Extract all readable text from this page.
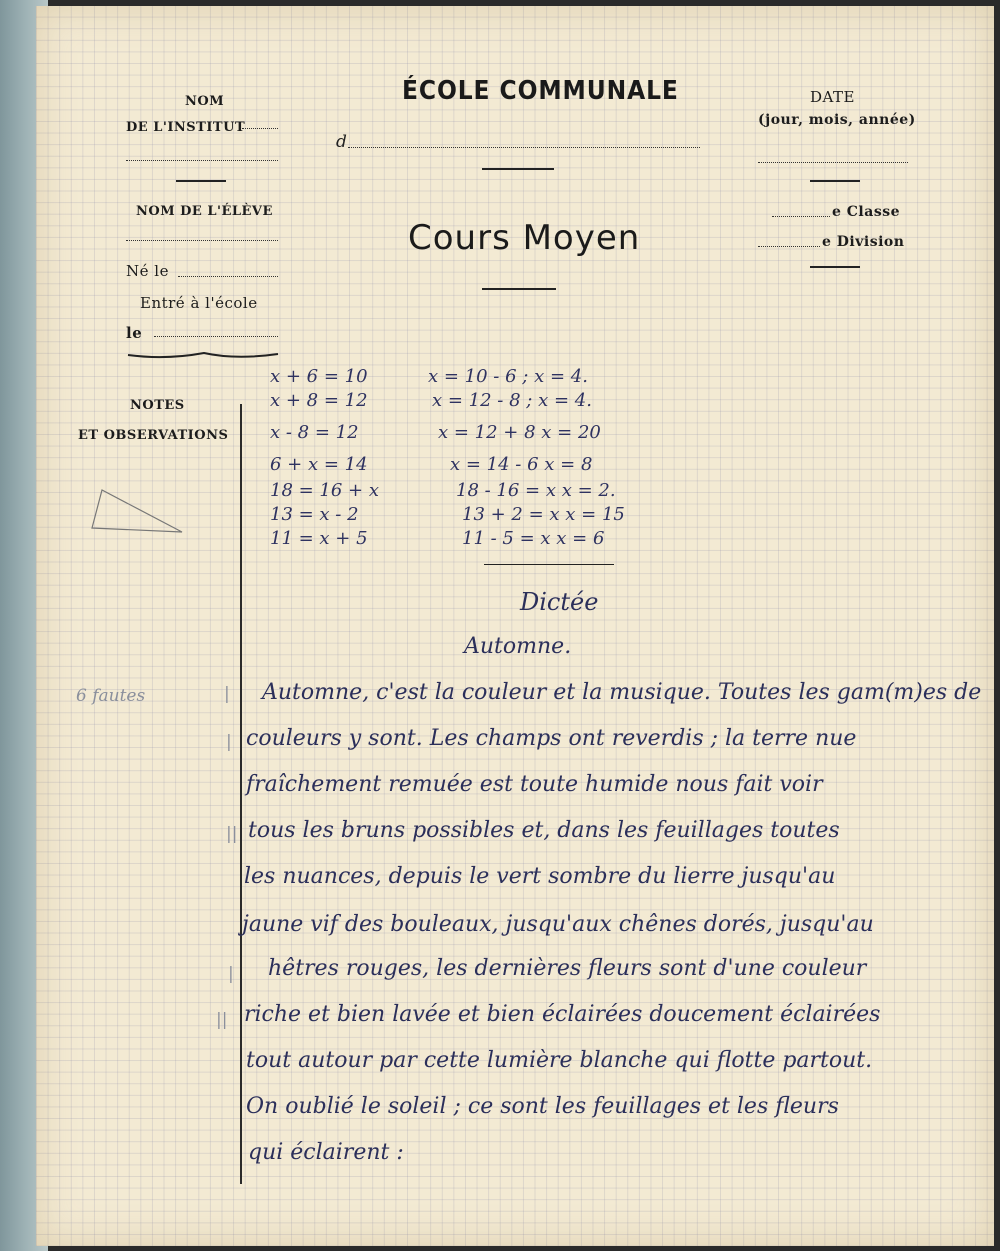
NOM
DE L'INSTITUT
NOM DE L'ÉLÈVE
Né le
Entré à l'école
le
ÉCOLE COMMUNALE
d
Cours Moyen
DATE
(jour, mois, année)
e Classe
e Division
NOTES
ET OBSERVATIONS
6 fautes
x + 6 = 10	x = 10 - 6 ; x = 4.
x + 8 = 12	x = 12 - 8 ; x = 4.
x - 8 = 12	x = 12 + 8 x = 20
6 + x = 14	x = 14 - 6 x = 8
18 = 16 + x	18 - 16 = x x = 2.
13 = x - 2	13 + 2 = x x = 15
11 = x + 5	11 - 5 = x x = 6
Dictée
Automne.
| Automne, c'est la couleur et la musique. Toutes les gam(m)es de
| couleurs y sont. Les champs ont reverdis ; la terre nue
fraîchement remuée est toute humide nous fait voir
|| tous les bruns possibles et, dans les feuillages toutes
les nuances, depuis le vert sombre du lierre jusqu'au
jaune vif des bouleaux, jusqu'aux chênes dorés, jusqu'au
| hêtres rouges, les dernières fleurs sont d'une couleur
|| riche et bien lavée et bien éclairées doucement éclairées
tout autour par cette lumière blanche qui flotte partout.
On oublié le soleil ; ce sont les feuillages et les fleurs
qui éclairent :
